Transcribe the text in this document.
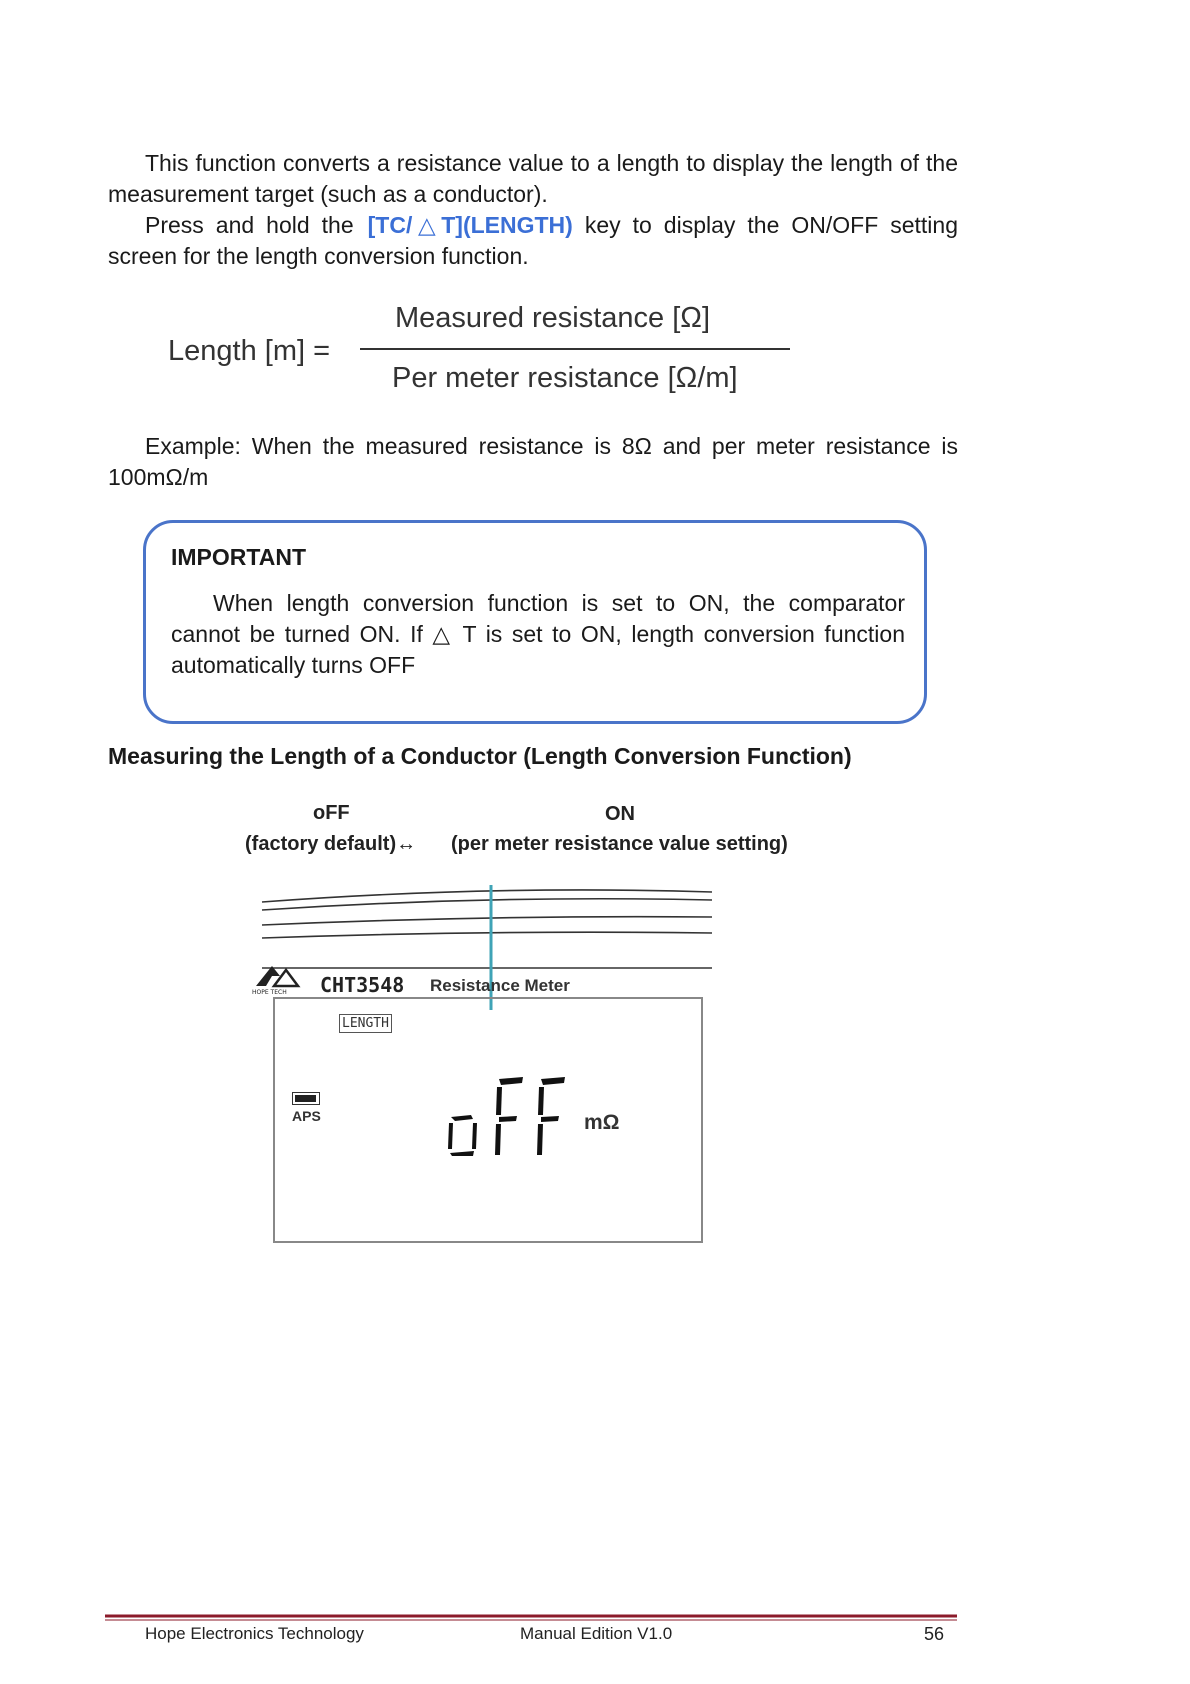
This function converts a resistance value to a length to display the length of the measurement target (such as a conductor).

Press and hold the [TC/△T](LENGTH) key to display the ON/OFF setting screen for the length conversion function.

Length [m] =
Measured resistance [Ω]
Per meter resistance [Ω/m]

Example: When the measured resistance is 8Ω and per meter resistance is 100mΩ/m

IMPORTANT

When length conversion function is set to ON, the comparator cannot be turned ON. If △ T is set to ON, length conversion function automatically turns OFF

Measuring the Length of a Conductor (Length Conversion Function)
oFF
(factory default)↔
ON
(per meter resistance value setting)
HOPE TECH CHT3548 Resistance Meter
LENGTH
APS	mΩ
Hope Electronics Technology	Manual Edition V1.0	56
